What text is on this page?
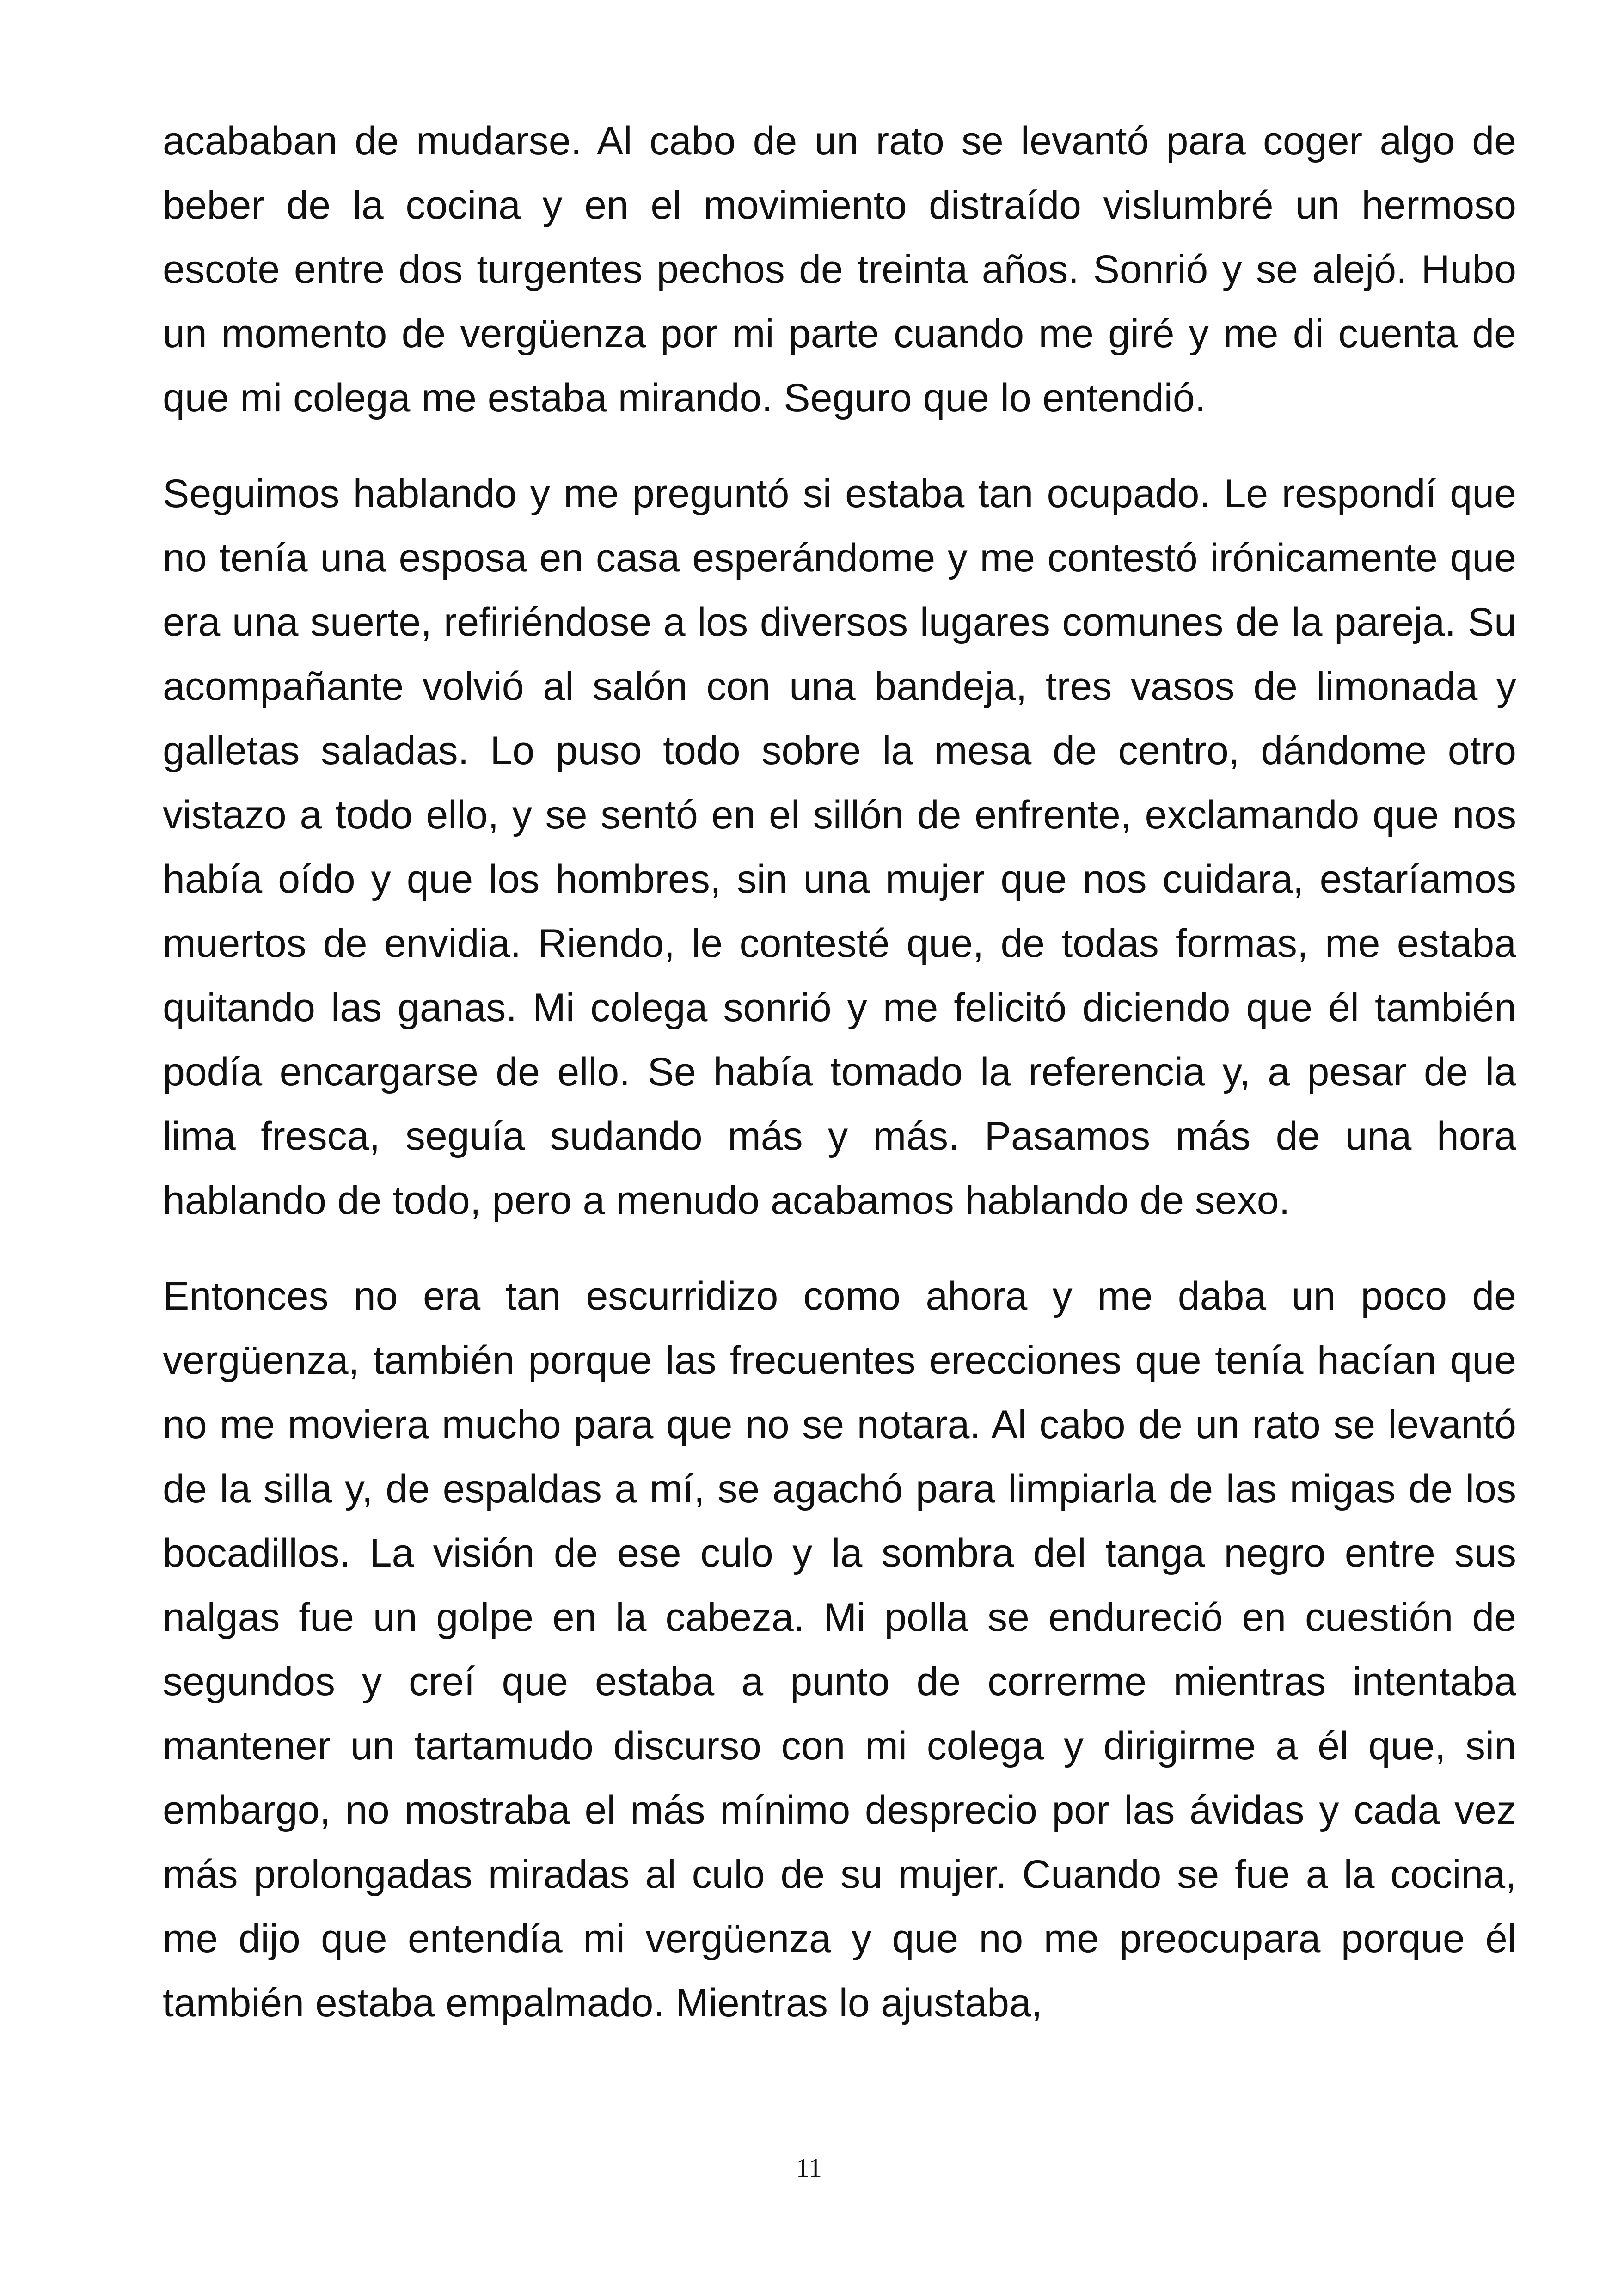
acababan de mudarse. Al cabo de un rato se levantó para coger algo de beber de la cocina y en el movimiento distraído vislumbré un hermoso escote entre dos turgentes pechos de treinta años. Sonrió y se alejó. Hubo un momento de vergüenza por mi parte cuando me giré y me di cuenta de que mi colega me estaba mirando. Seguro que lo entendió.

Seguimos hablando y me preguntó si estaba tan ocupado. Le respondí que no tenía una esposa en casa esperándome y me contestó irónicamente que era una suerte, refiriéndose a los diversos lugares comunes de la pareja. Su acompañante volvió al salón con una bandeja, tres vasos de limonada y galletas saladas. Lo puso todo sobre la mesa de centro, dándome otro vistazo a todo ello, y se sentó en el sillón de enfrente, exclamando que nos había oído y que los hombres, sin una mujer que nos cuidara, estaríamos muertos de envidia. Riendo, le contesté que, de todas formas, me estaba quitando las ganas. Mi colega sonrió y me felicitó diciendo que él también podía encargarse de ello. Se había tomado la referencia y, a pesar de la lima fresca, seguía sudando más y más. Pasamos más de una hora hablando de todo, pero a menudo acabamos hablando de sexo.

Entonces no era tan escurridizo como ahora y me daba un poco de vergüenza, también porque las frecuentes erecciones que tenía hacían que no me moviera mucho para que no se notara. Al cabo de un rato se levantó de la silla y, de espaldas a mí, se agachó para limpiarla de las migas de los bocadillos. La visión de ese culo y la sombra del tanga negro entre sus nalgas fue un golpe en la cabeza. Mi polla se endureció en cuestión de segundos y creí que estaba a punto de correrme mientras intentaba mantener un tartamudo discurso con mi colega y dirigirme a él que, sin embargo, no mostraba el más mínimo desprecio por las ávidas y cada vez más prolongadas miradas al culo de su mujer. Cuando se fue a la cocina, me dijo que entendía mi vergüenza y que no me preocupara porque él también estaba empalmado. Mientras lo ajustaba,

11
